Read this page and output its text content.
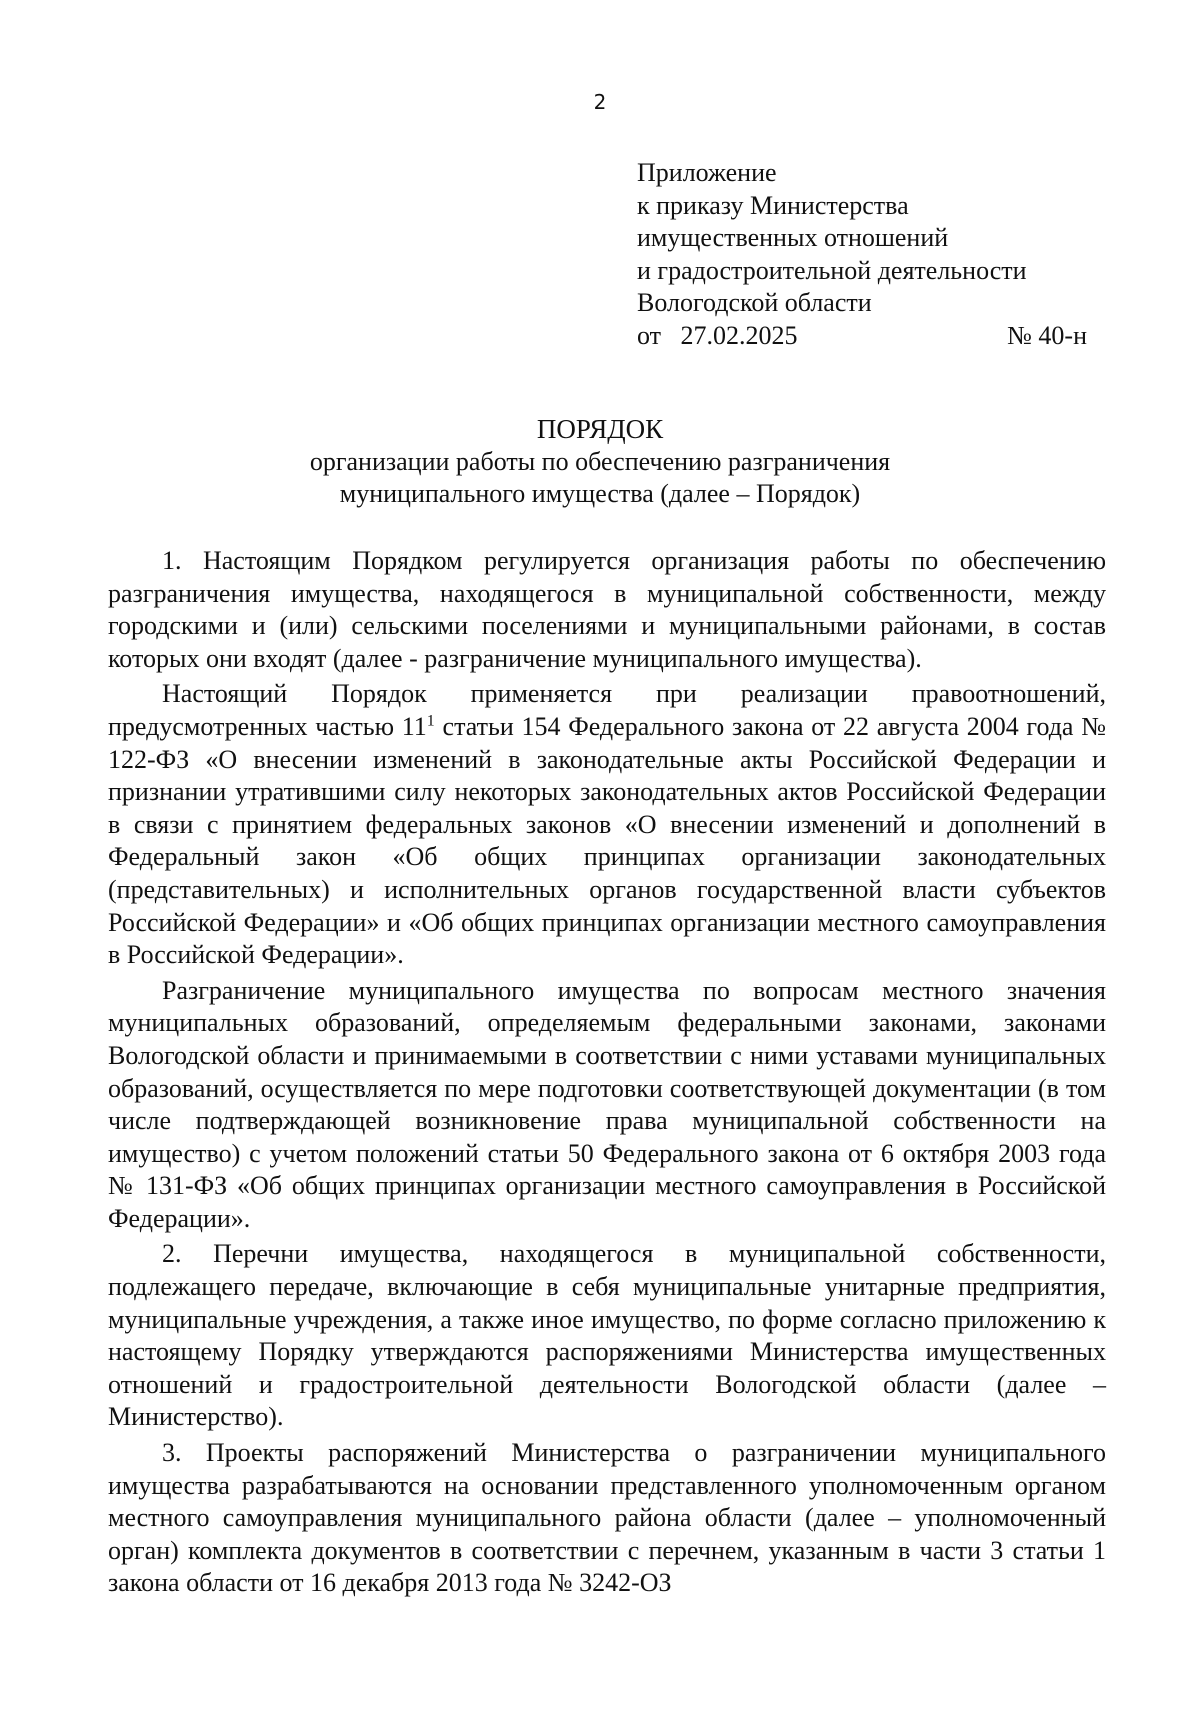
2
Приложение
к приказу Министерства
имущественных отношений
и градостроительной деятельности
Вологодской области
от   27.02.2025	№ 40-н
ПОРЯДОК
организации работы по обеспечению разграничения
муниципального имущества (далее – Порядок)

1. Настоящим Порядком регулируется организация работы по обеспечению разграничения имущества, находящегося в муниципальной собственности, между городскими и (или) сельскими поселениями и муниципальными районами, в состав которых они входят (далее - разграничение муниципального имущества).

Настоящий Порядок применяется при реализации правоотношений, предусмотренных частью $11^1$ статьи 154 Федерального закона от 22 августа 2004 года № 122-ФЗ «О внесении изменений в законодательные акты Российской Федерации и признании утратившими силу некоторых законодательных актов Российской Федерации в связи с принятием федеральных законов «О внесении изменений и дополнений в Федеральный закон «Об общих принципах организации законодательных (представительных) и исполнительных органов государственной власти субъектов Российской Федерации» и «Об общих принципах организации местного самоуправления в Российской Федерации».

Разграничение муниципального имущества по вопросам местного значения муниципальных образований, определяемым федеральными законами, законами Вологодской области и принимаемыми в соответствии с ними уставами муниципальных образований, осуществляется по мере подготовки соответствующей документации (в том числе подтверждающей возникновение права муниципальной собственности на имущество) с учетом положений статьи 50 Федерального закона от 6 октября 2003 года № 131-ФЗ «Об общих принципах организации местного самоуправления в Российской Федерации».

2. Перечни имущества, находящегося в муниципальной собственности, подлежащего передаче, включающие в себя муниципальные унитарные предприятия, муниципальные учреждения, а также иное имущество, по форме согласно приложению к настоящему Порядку утверждаются распоряжениями Министерства имущественных отношений и градостроительной деятельности Вологодской области (далее – Министерство).

3. Проекты распоряжений Министерства о разграничении муниципального имущества разрабатываются на основании представленного уполномоченным органом местного самоуправления муниципального района области (далее – уполномоченный орган) комплекта документов в соответствии с перечнем, указанным в части 3 статьи 1 закона области от 16 декабря 2013 года № 3242-ОЗ
